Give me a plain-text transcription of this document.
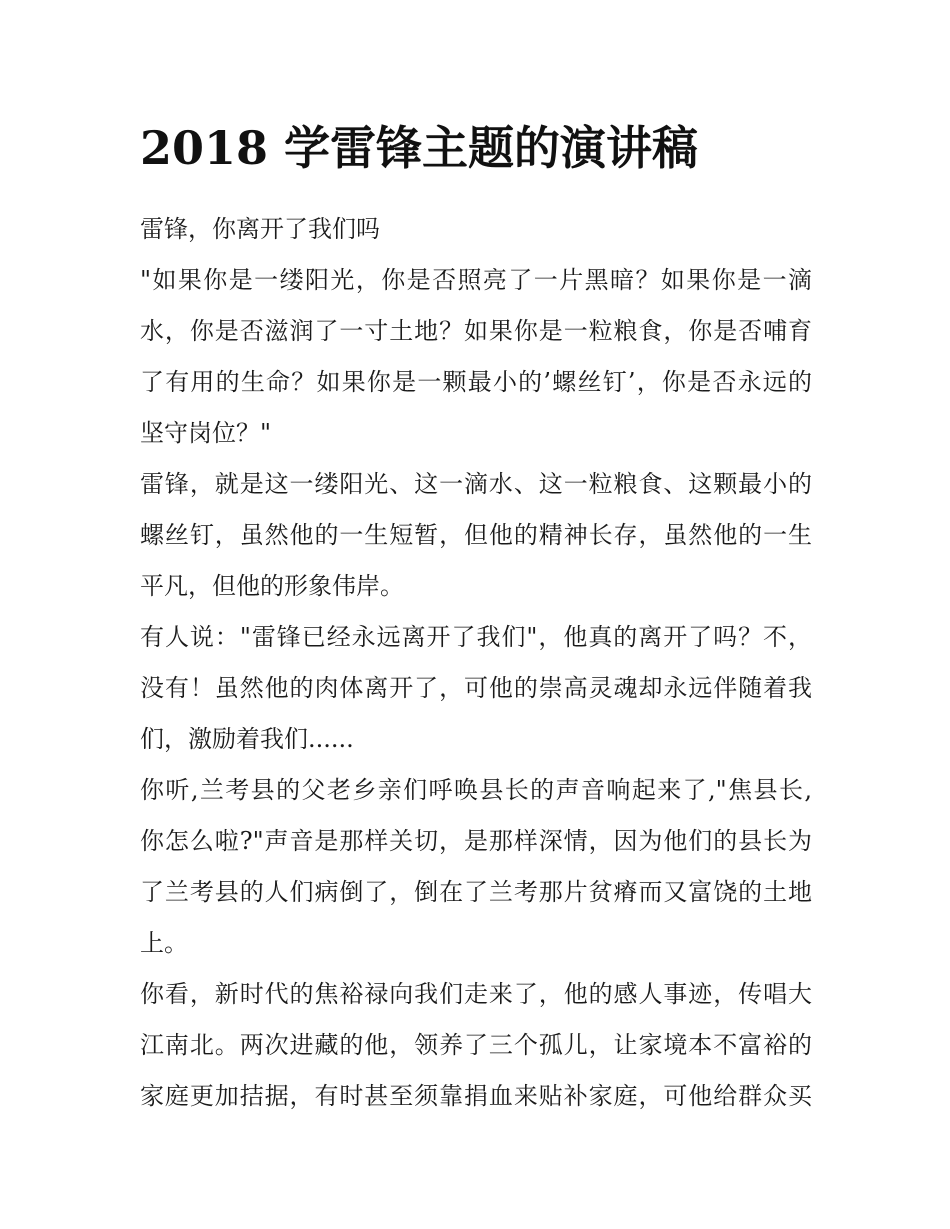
2018 学雷锋主题的演讲稿
雷锋，你离开了我们吗
"如果你是一缕阳光，你是否照亮了一片黑暗？如果你是一滴
水，你是否滋润了一寸土地？如果你是一粒粮食，你是否哺育
了有用的生命？如果你是一颗最小的’螺丝钉’，你是否永远的
坚守岗位？"
雷锋，就是这一缕阳光、这一滴水、这一粒粮食、这颗最小的
螺丝钉，虽然他的一生短暂，但他的精神长存，虽然他的一生
平凡，但他的形象伟岸。
有人说："雷锋已经永远离开了我们"，他真的离开了吗？不，
没有！虽然他的肉体离开了，可他的崇高灵魂却永远伴随着我
们，激励着我们......
你听,兰考县的父老乡亲们呼唤县长的声音响起来了,"焦县长,
你怎么啦?"声音是那样关切，是那样深情，因为他们的县长为
了兰考县的人们病倒了，倒在了兰考那片贫瘠而又富饶的土地
上。
你看，新时代的焦裕禄向我们走来了，他的感人事迹，传唱大
江南北。两次进藏的他，领养了三个孤儿，让家境本不富裕的
家庭更加拮据，有时甚至须靠捐血来贴补家庭，可他给群众买
